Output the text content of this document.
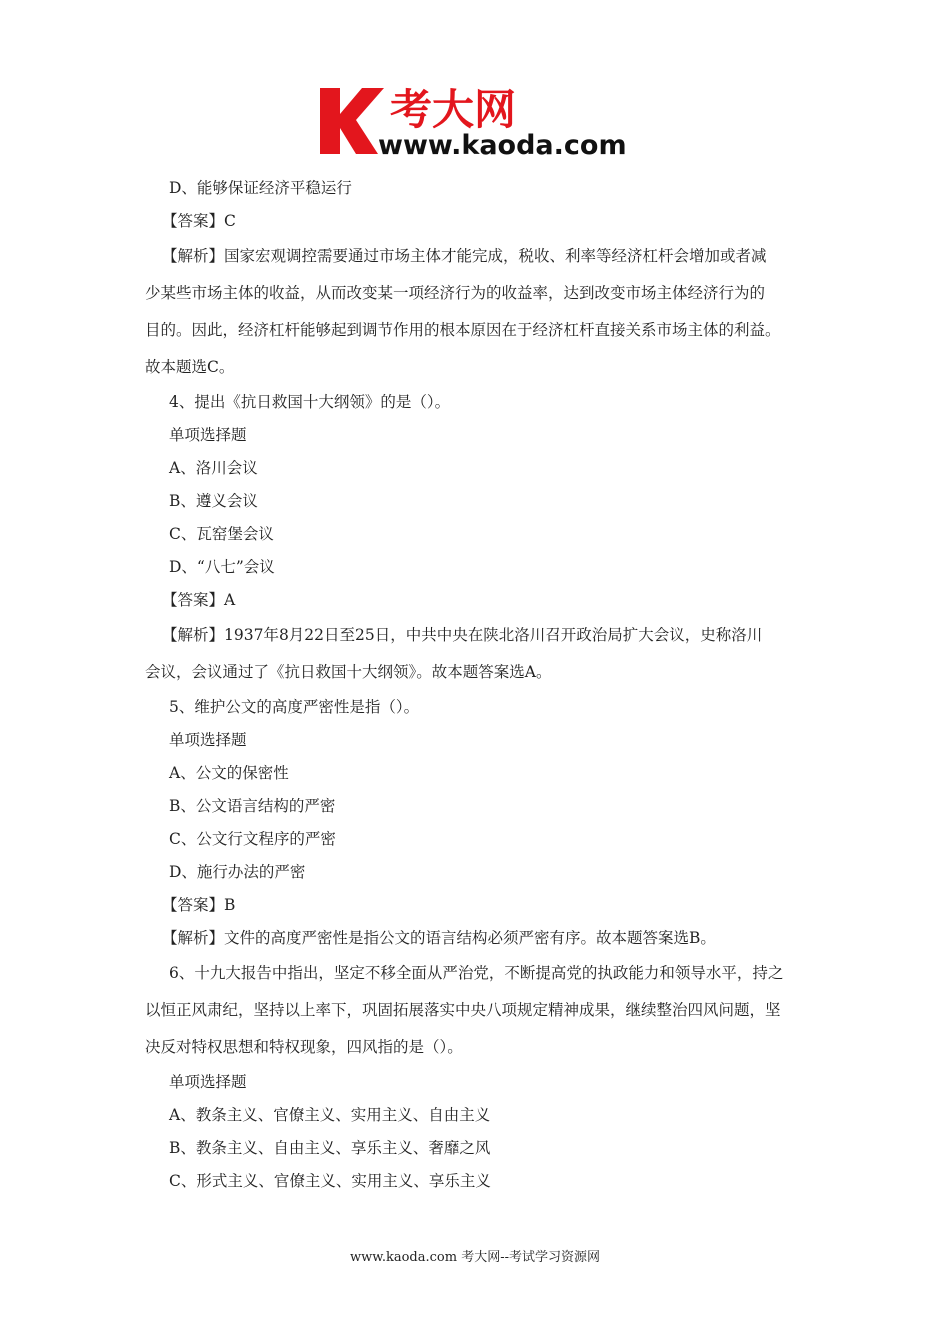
考大网
www.kaoda.com
D、能够保证经济平稳运行
【答案】C
【解析】国家宏观调控需要通过市场主体才能完成，税收、利率等经济杠杆会增加或者减
少某些市场主体的收益，从而改变某一项经济行为的收益率，达到改变市场主体经济行为的
目的。因此，经济杠杆能够起到调节作用的根本原因在于经济杠杆直接关系市场主体的利益。
故本题选C。
4、提出《抗日救国十大纲领》的是（）。
单项选择题
A、洛川会议
B、遵义会议
C、瓦窑堡会议
D、“八七”会议
【答案】A
【解析】1937年8月22日至25日，中共中央在陕北洛川召开政治局扩大会议，史称洛川
会议，会议通过了《抗日救国十大纲领》。故本题答案选A。
5、维护公文的高度严密性是指（）。
单项选择题
A、公文的保密性
B、公文语言结构的严密
C、公文行文程序的严密
D、施行办法的严密
【答案】B
【解析】文件的高度严密性是指公文的语言结构必须严密有序。故本题答案选B。
6、十九大报告中指出，坚定不移全面从严治党，不断提高党的执政能力和领导水平，持之
以恒正风肃纪，坚持以上率下，巩固拓展落实中央八项规定精神成果，继续整治四风问题，坚
决反对特权思想和特权现象，四风指的是（）。
单项选择题
A、教条主义、官僚主义、实用主义、自由主义
B、教条主义、自由主义、享乐主义、奢靡之风
C、形式主义、官僚主义、实用主义、享乐主义
www.kaoda.com 考大网--考试学习资源网
